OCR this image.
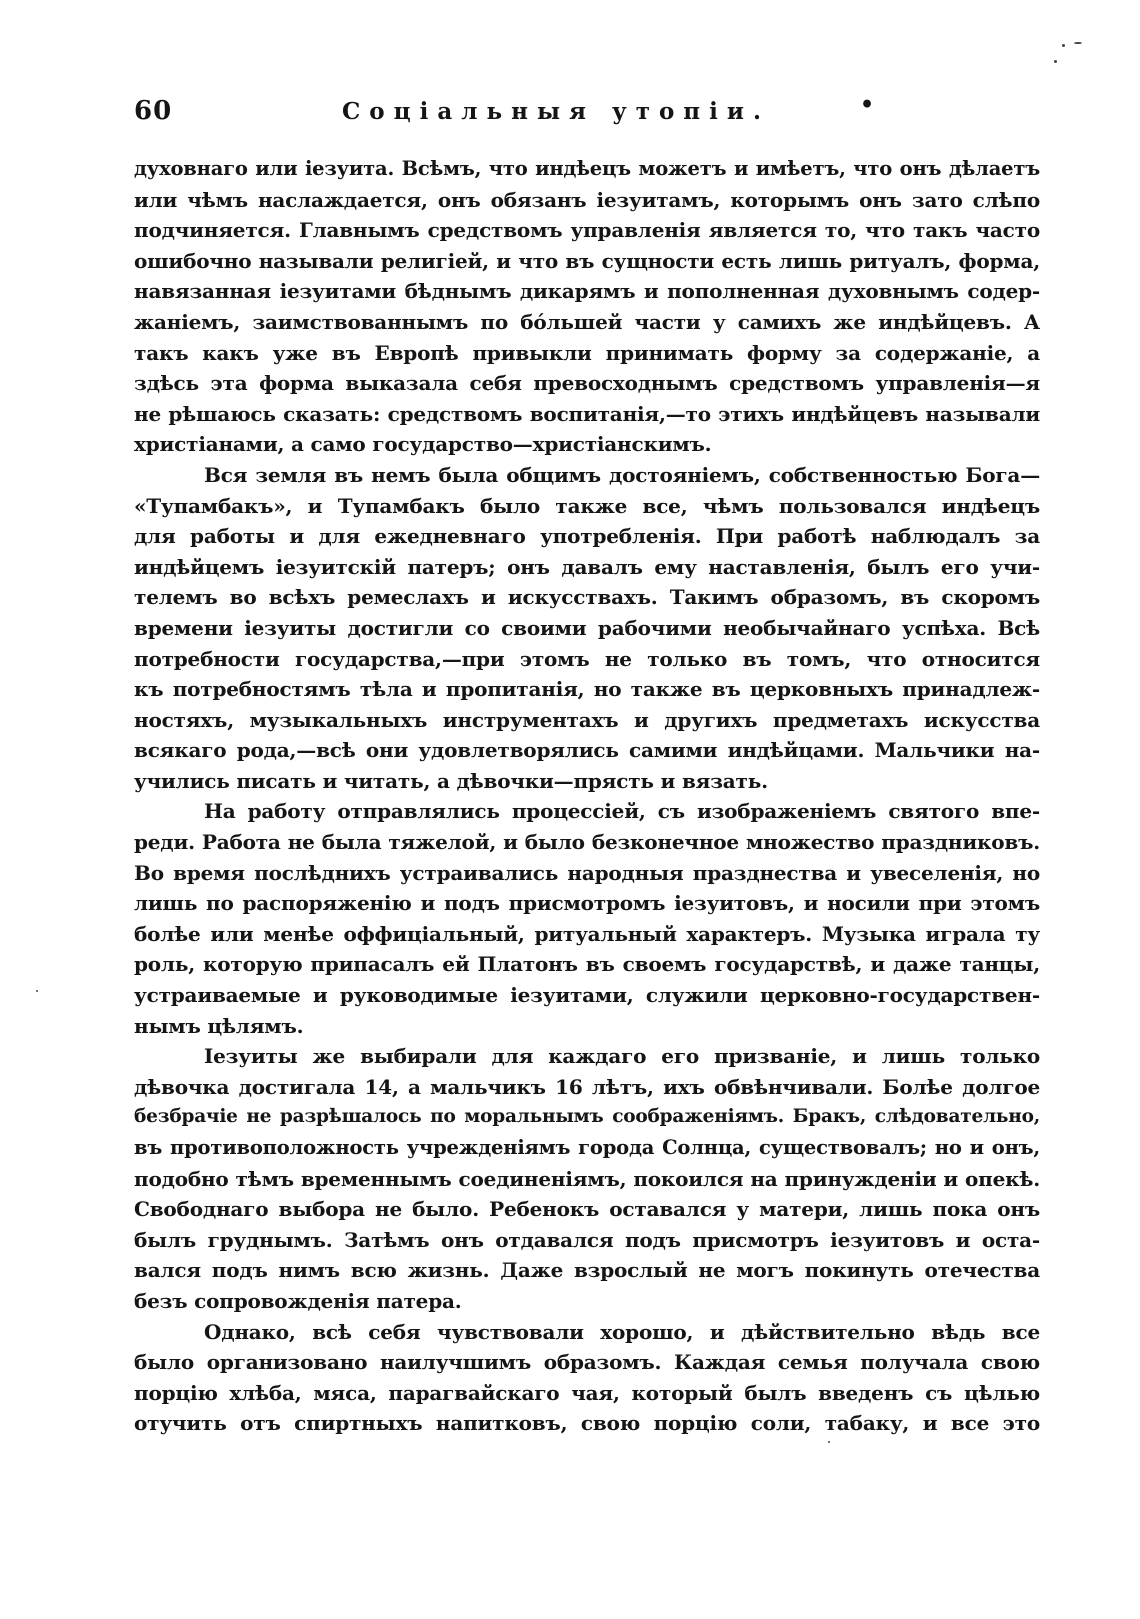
60	Соціальныя утопіи.	•
духовнаго или іезуита. Всѣмъ, что индѣецъ можетъ и имѣетъ, что онъ дѣлаетъ
или чѣмъ наслаждается, онъ обязанъ іезуитамъ, которымъ онъ зато слѣпо
подчиняется. Главнымъ средствомъ управленія является то, что такъ часто
ошибочно называли религіей, и что въ сущности есть лишь ритуалъ, форма,
навязанная іезуитами бѣднымъ дикарямъ и пополненная духовнымъ содер-
жаніемъ, заимствованнымъ по бóльшей части у самихъ же индѣйцевъ. А
такъ какъ уже въ Европѣ привыкли принимать форму за содержаніе, а
здѣсь эта форма выказала себя превосходнымъ средствомъ управленія—я
не рѣшаюсь сказать: средствомъ воспитанія,—то этихъ индѣйцевъ называли
христіанами, а само государство—христіанскимъ.
Вся земля въ немъ была общимъ достояніемъ, собственностью Бога—
«Тупамбакъ», и Тупамбакъ было также все, чѣмъ пользовался индѣецъ
для работы и для ежедневнаго употребленія. При работѣ наблюдалъ за
индѣйцемъ іезуитскій патеръ; онъ давалъ ему наставленія, былъ его учи-
телемъ во всѣхъ ремеслахъ и искусствахъ. Такимъ образомъ, въ скоромъ
времени іезуиты достигли со своими рабочими необычайнаго успѣха. Всѣ
потребности государства,—при этомъ не только въ томъ, что относится
къ потребностямъ тѣла и пропитанія, но также въ церковныхъ принадлеж-
ностяхъ, музыкальныхъ инструментахъ и другихъ предметахъ искусства
всякаго рода,—всѣ они удовлетворялись самими индѣйцами. Мальчики на-
учились писать и читать, а дѣвочки—прясть и вязать.
На работу отправлялись процессіей, съ изображеніемъ святого впе-
реди. Работа не была тяжелой, и было безконечное множество праздниковъ.
Во время послѣднихъ устраивались народныя празднества и увеселенія, но
лишь по распоряженію и подъ присмотромъ іезуитовъ, и носили при этомъ
болѣе или менѣе оффиціальный, ритуальный характеръ. Музыка играла ту
роль, которую припасалъ ей Платонъ въ своемъ государствѣ, и даже танцы,
устраиваемые и руководимые іезуитами, служили церковно-государствен-
нымъ цѣлямъ.
Іезуиты же выбирали для каждаго его призваніе, и лишь только
дѣвочка достигала 14, а мальчикъ 16 лѣтъ, ихъ обвѣнчивали. Болѣе долгое
безбрачіе не разрѣшалось по моральнымъ соображеніямъ. Бракъ, слѣдовательно,
въ противоположность учрежденіямъ города Солнца, существовалъ; но и онъ,
подобно тѣмъ временнымъ соединеніямъ, покоился на принужденіи и опекѣ.
Свободнаго выбора не было. Ребенокъ оставался у матери, лишь пока онъ
былъ груднымъ. Затѣмъ онъ отдавался подъ присмотръ іезуитовъ и оста-
вался подъ нимъ всю жизнь. Даже взрослый не могъ покинуть отечества
безъ сопровожденія патера.
Однако, всѣ себя чувствовали хорошо, и дѣйствительно вѣдь все
было организовано наилучшимъ образомъ. Каждая семья получала свою
порцію хлѣба, мяса, парагвайскаго чая, который былъ введенъ съ цѣлью
отучить отъ спиртныхъ напитковъ, свою порцію соли, табаку, и все это
